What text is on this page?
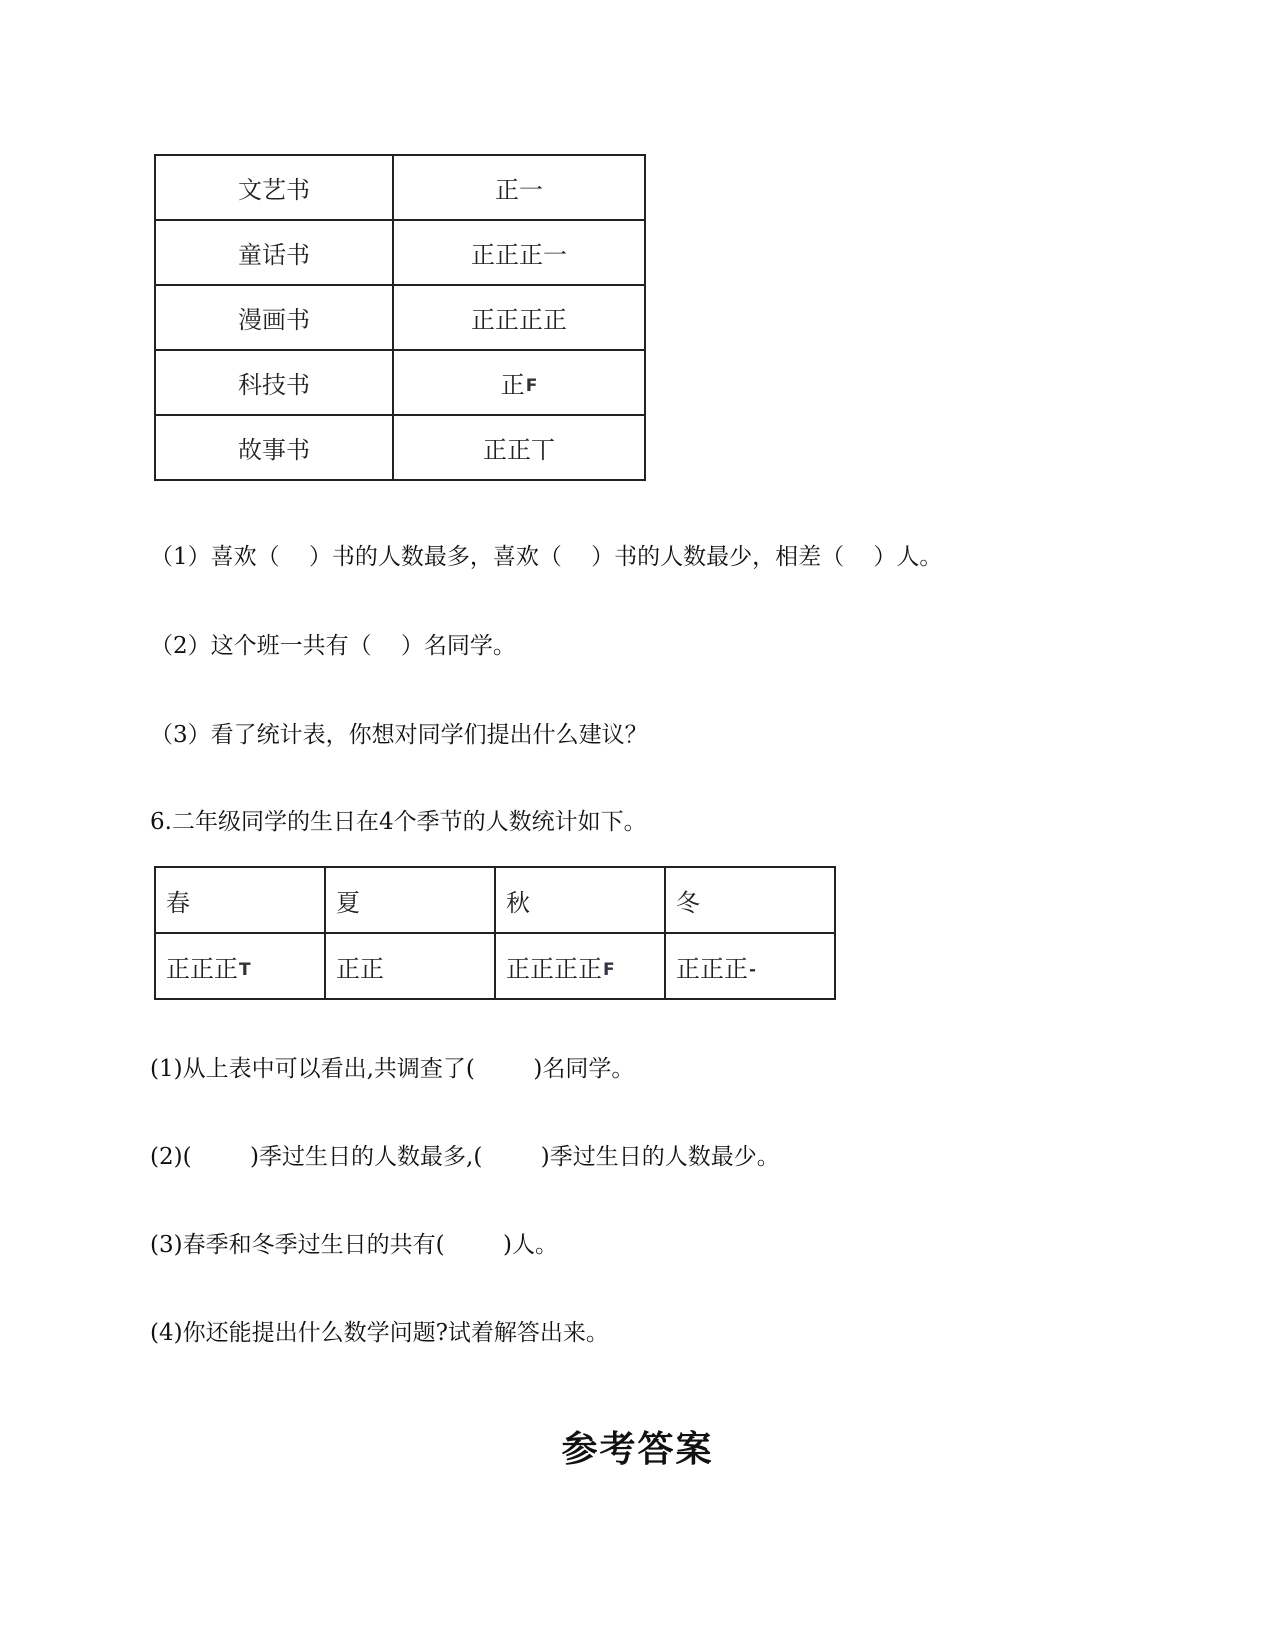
文艺书	正一
童话书	正正正一
漫画书	正正正正
科技书	正F
故事书	正正丅

（1）喜欢（    ）书的人数最多，喜欢（    ）书的人数最少，相差（    ）人。

（2）这个班一共有（    ）名同学。

（3）看了统计表，你想对同学们提出什么建议？

6.二年级同学的生日在4个季节的人数统计如下。

春	夏	秋	冬
正正正T	正正	正正正正F	正正正-

(1)从上表中可以看出,共调查了(        )名同学。

(2)(        )季过生日的人数最多,(        )季过生日的人数最少。

(3)春季和冬季过生日的共有(        )人。

(4)你还能提出什么数学问题?试着解答出来。

参考答案
